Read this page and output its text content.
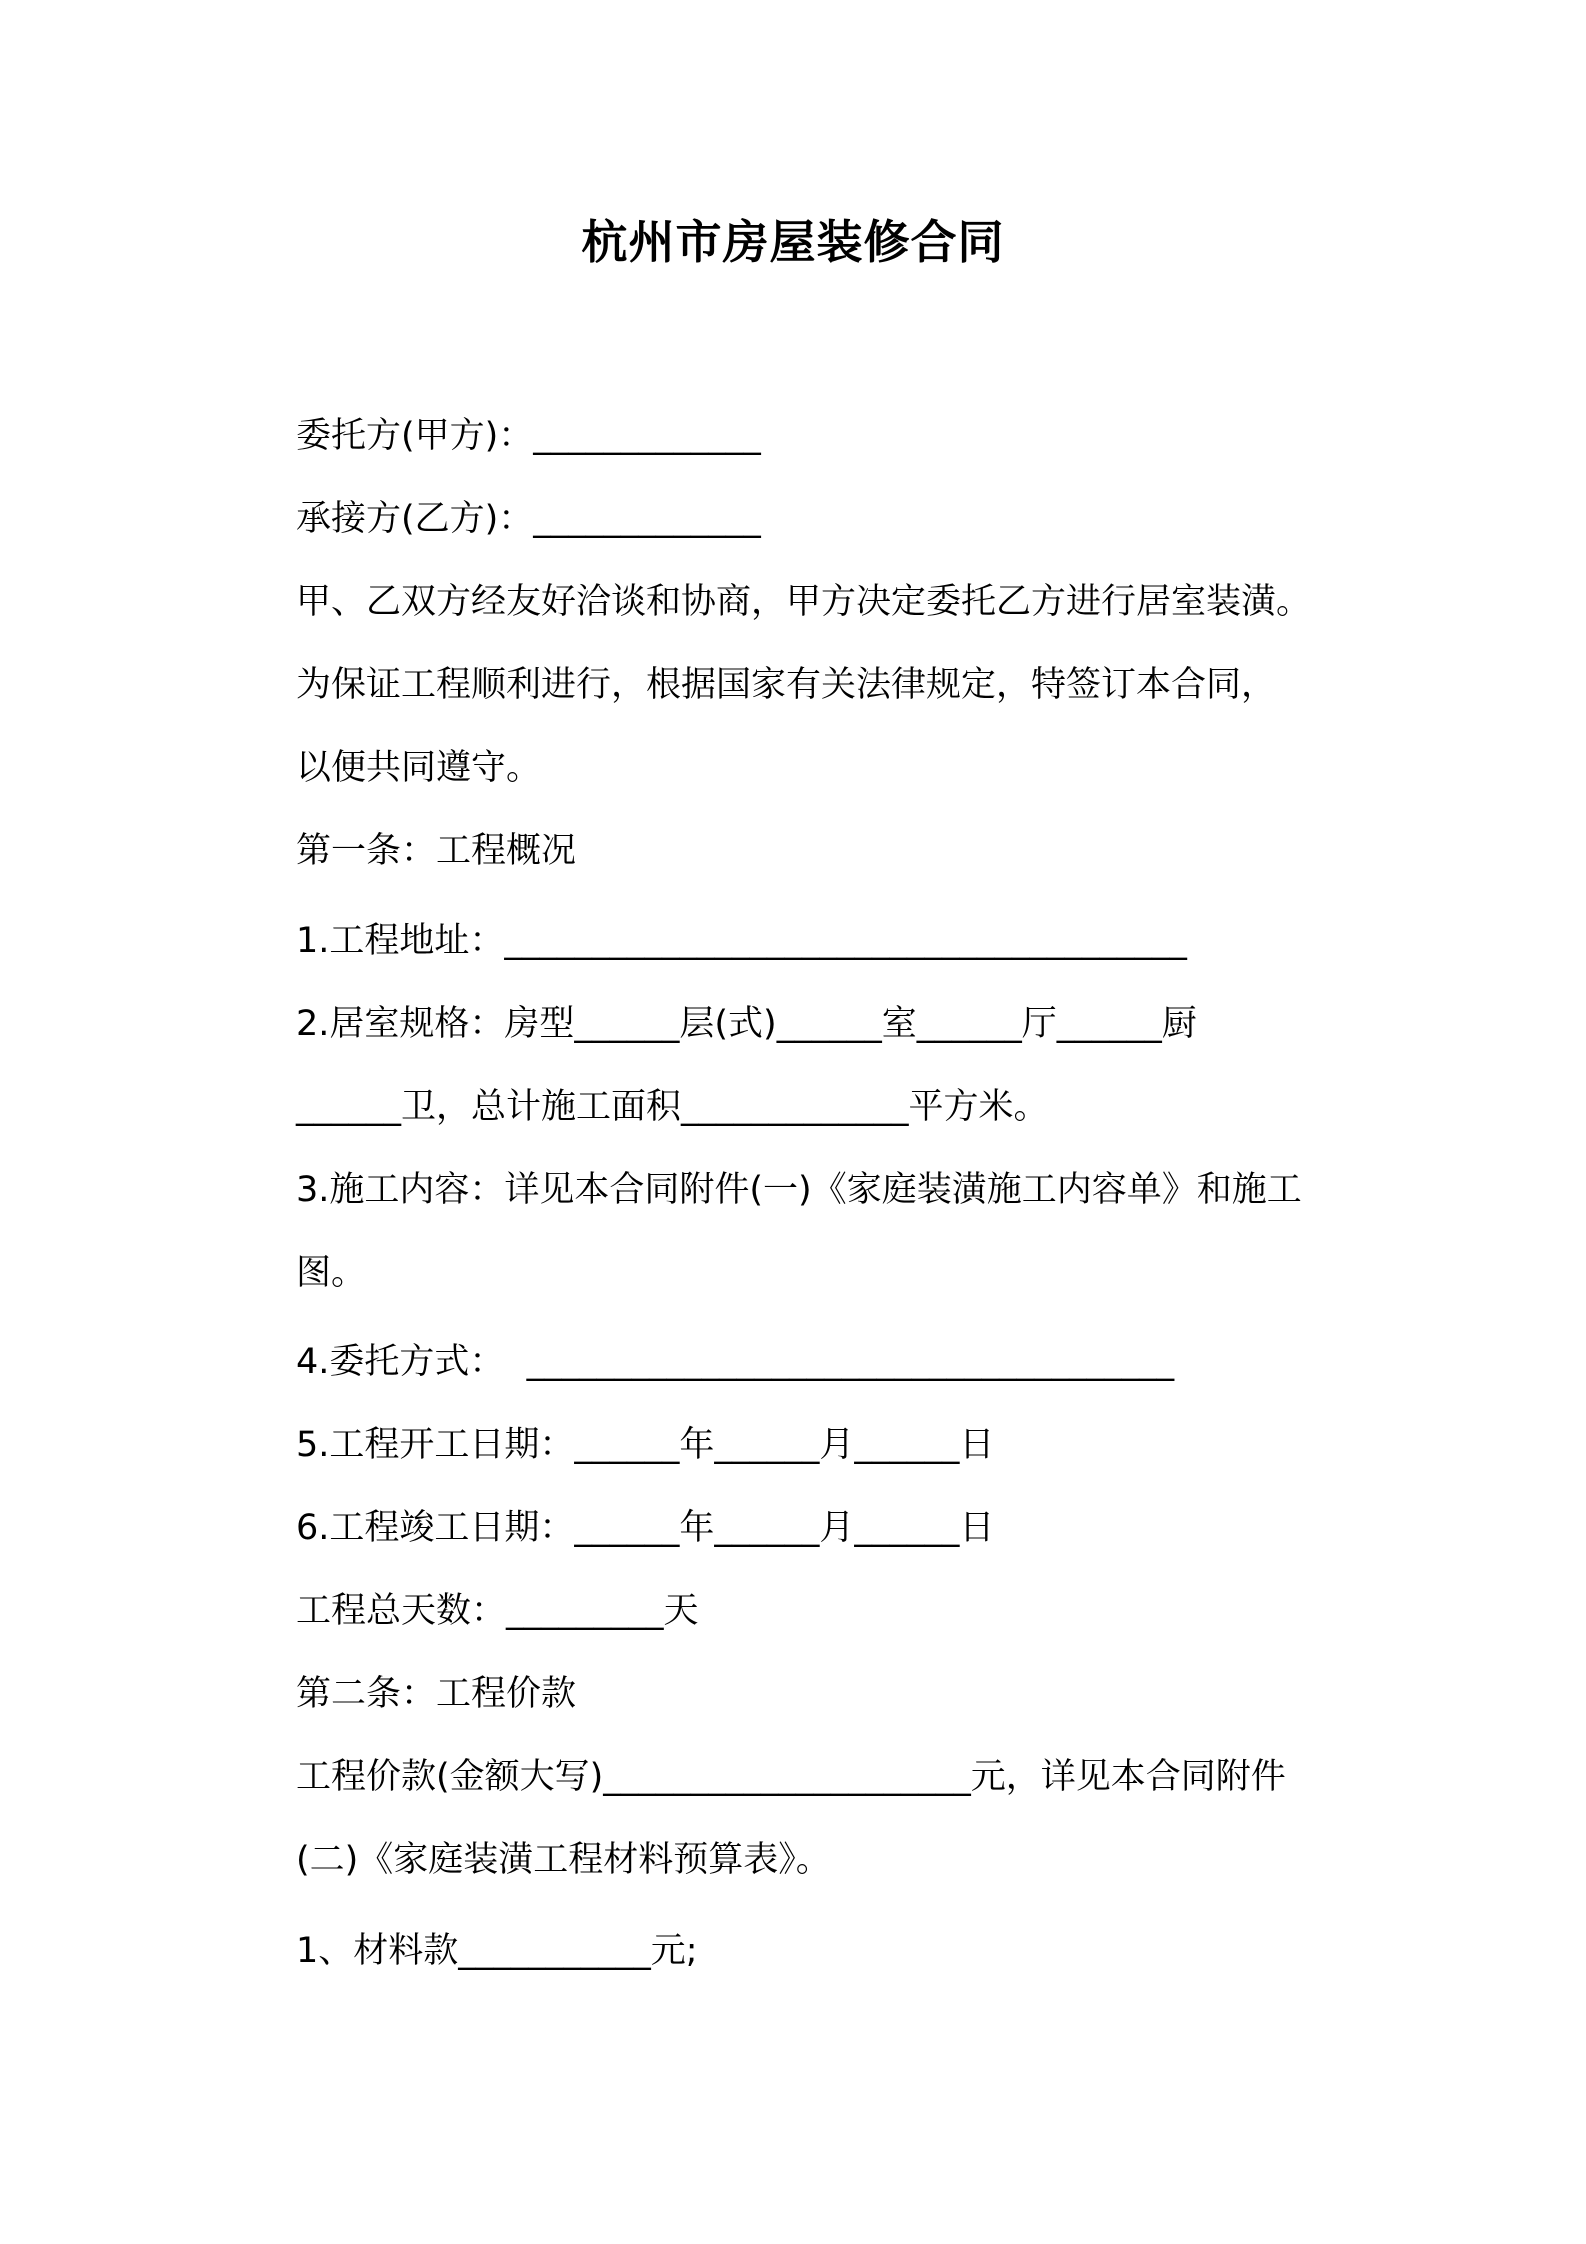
杭州市房屋装修合同
委托方(甲方)：_____________
承接方(乙方)：_____________
甲、乙双方经友好洽谈和协商，甲方决定委托乙方进行居室装潢。
为保证工程顺利进行，根据国家有关法律规定，特签订本合同，
以便共同遵守。
第一条：工程概况
1.工程地址：_______________________________________
2.居室规格：房型______层(式)______室______厅______厨
______卫，总计施工面积_____________平方米。
3.施工内容：详见本合同附件(一)《家庭装潢施工内容单》和施工
图。
4.委托方式：  _____________________________________
5.工程开工日期：______年______月______日
6.工程竣工日期：______年______月______日
工程总天数：_________天
第二条：工程价款
工程价款(金额大写)_____________________元，详见本合同附件
(二)《家庭装潢工程材料预算表》。
1、材料款___________元;
